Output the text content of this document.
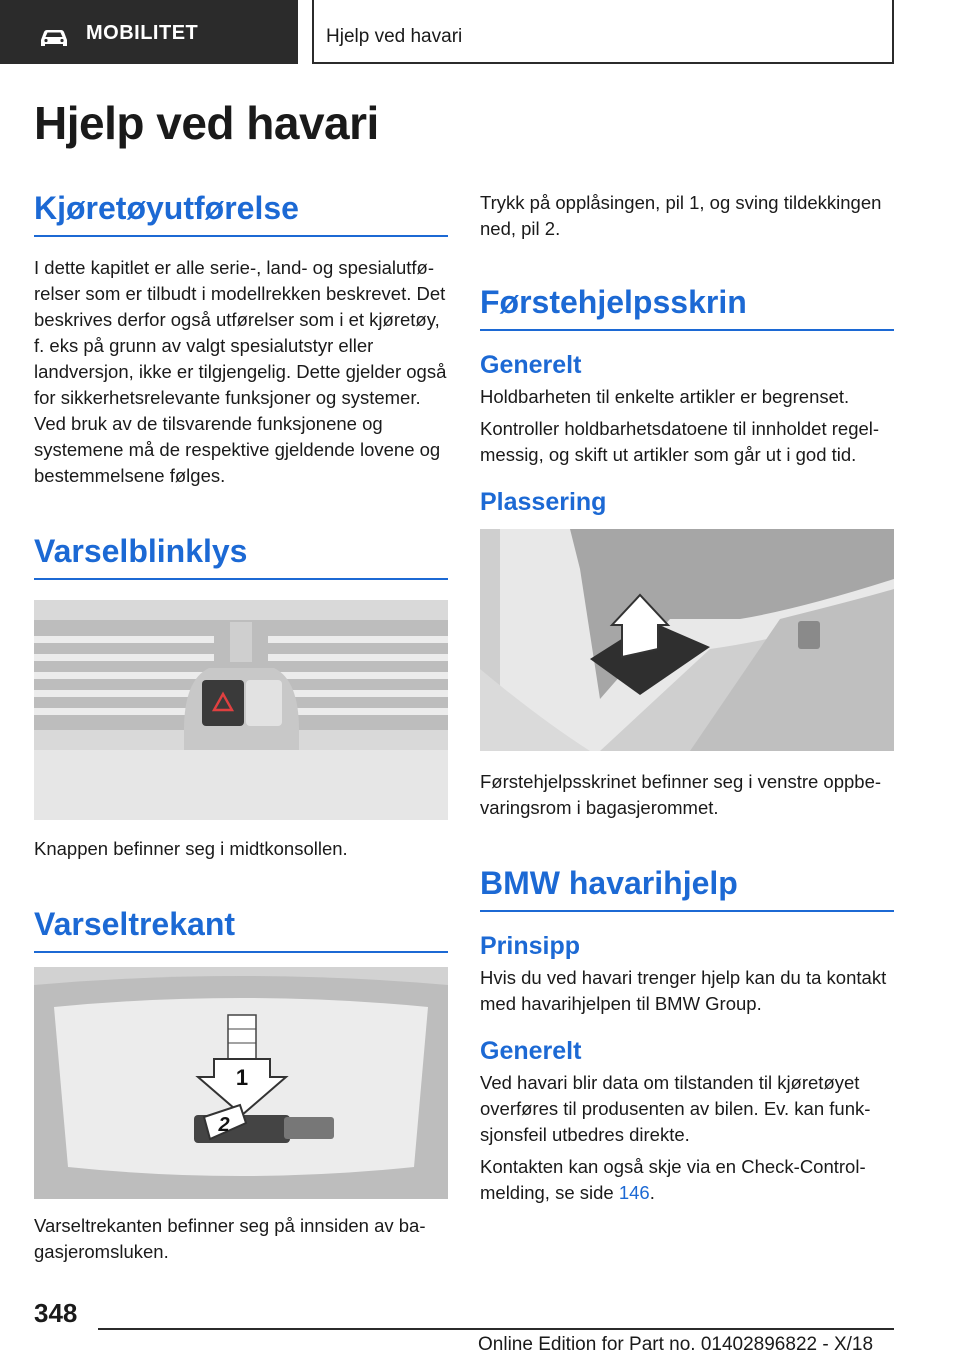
MOBILITET	Hjelp ved havari
Hjelp ved havari
Kjøretøyutførelse

I dette kapitlet er alle serie-, land- og spesialutførelser som er tilbudt i modellrekken beskrevet. Det beskrives derfor også utførelser som i et kjøretøy, f. eks på grunn av valgt spesialutstyr eller landversjon, ikke er tilgjengelig. Dette gjelder også for sikkerhetsrelevante funksjoner og systemer. Ved bruk av de tilsvarende funksjonene og systemene må de respektive gjeldende lovene og bestemmelsene følges.

Varselblinklys

Knappen befinner seg i midtkonsollen.

Varseltrekant
1
2

Varseltrekanten befinner seg på innsiden av bagasjeromsluken.

Trykk på opplåsingen, pil 1, og sving tildekkingen ned, pil 2.

Førstehjelpsskrin
Generelt

Holdbarheten til enkelte artikler er begrenset.

Kontroller holdbarhetsdatoene til innholdet regelmessig, og skift ut artikler som går ut i god tid.

Plassering

Førstehjelpsskrinet befinner seg i venstre oppbevaringsrom i bagasjerommet.

BMW havarihjelp
Prinsipp

Hvis du ved havari trenger hjelp kan du ta kontakt med havarihjelpen til BMW Group.

Generelt

Ved havari blir data om tilstanden til kjøretøyet overføres til produsenten av bilen. Ev. kan funksjonsfeil utbedres direkte.

Kontakten kan også skje via en Check-Control-melding, se side 146.

348
Online Edition for Part no. 01402896822 - X/18
